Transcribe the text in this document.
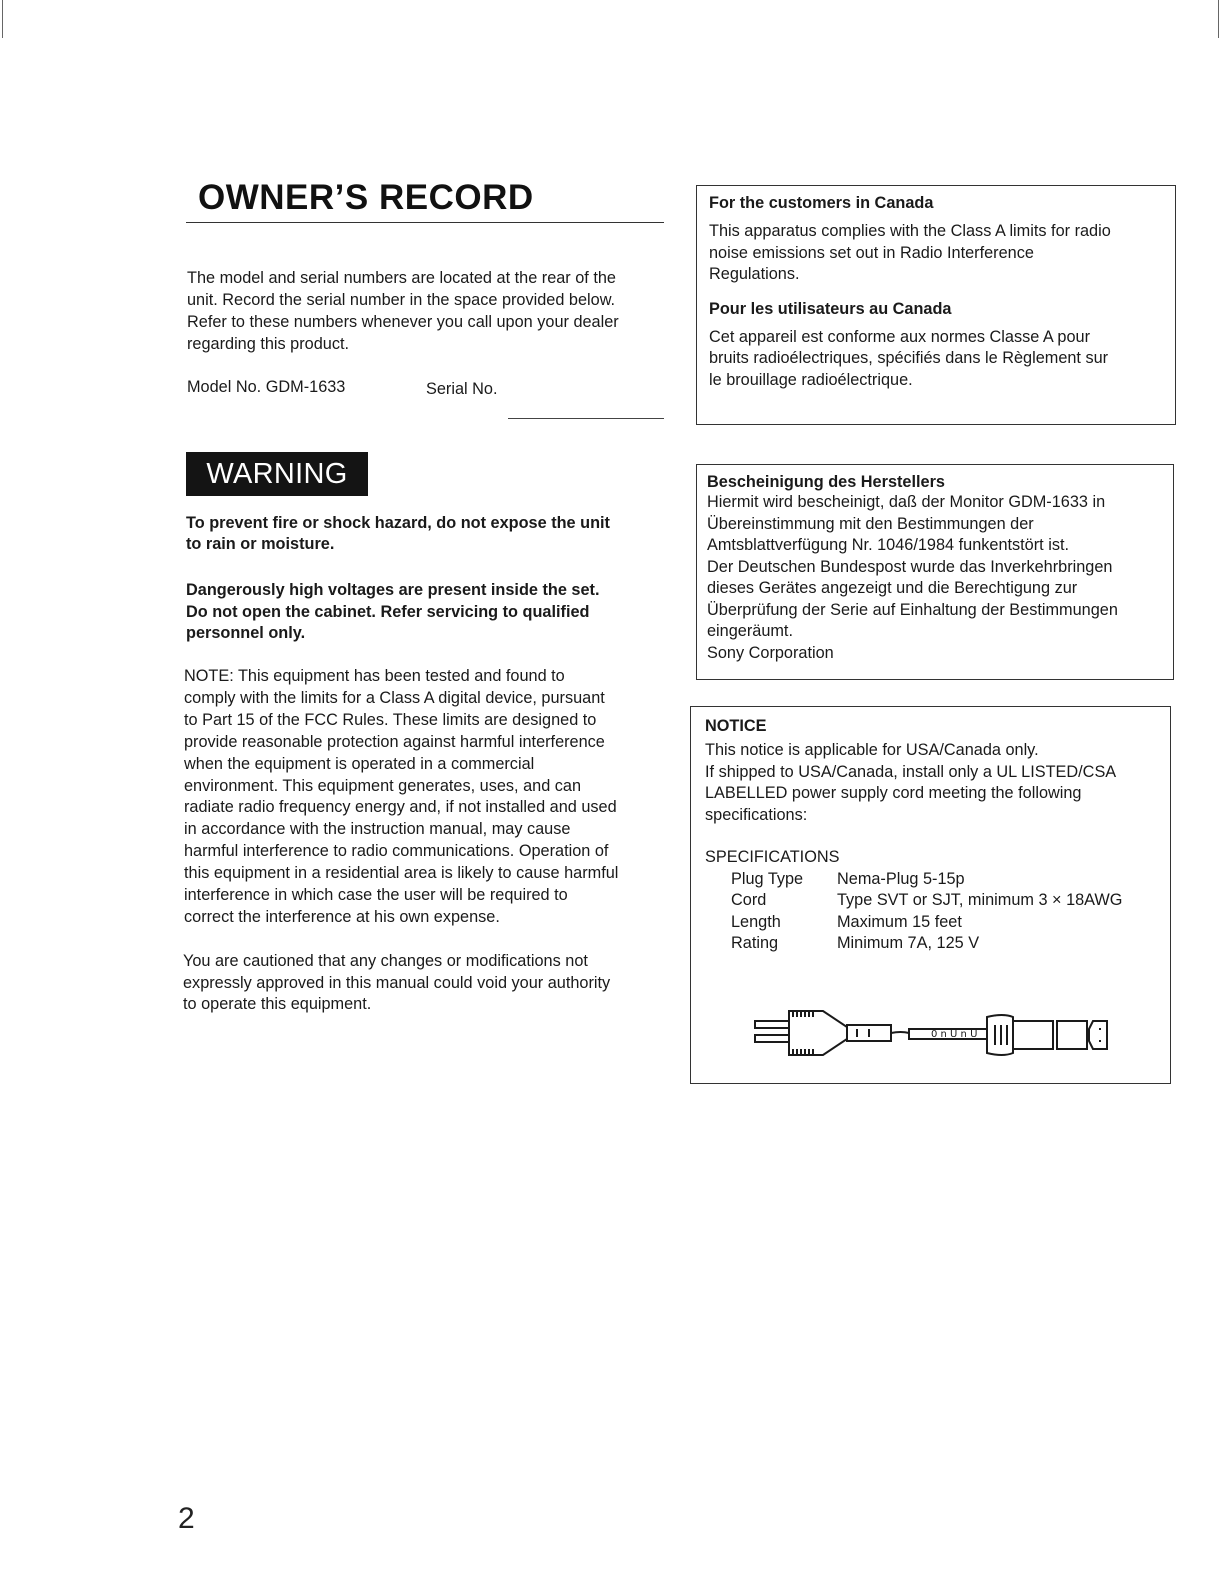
OWNER’S RECORD
The model and serial numbers are located at the rear of the
unit. Record the serial number in the space provided below.
Refer to these numbers whenever you call upon your dealer
regarding this product.
Model No. GDM-1633	Serial No.
WARNING
To prevent fire or shock hazard, do not expose the unit
to rain or moisture.
Dangerously high voltages are present inside the set.
Do not open the cabinet. Refer servicing to qualified
personnel only.
NOTE: This equipment has been tested and found to
comply with the limits for a Class A digital device, pursuant
to Part 15 of the FCC Rules. These limits are designed to
provide reasonable protection against harmful interference
when the equipment is operated in a commercial
environment. This equipment generates, uses, and can
radiate radio frequency energy and, if not installed and used
in accordance with the instruction manual, may cause
harmful interference to radio communications. Operation of
this equipment in a residential area is likely to cause harmful
interference in which case the user will be required to
correct the interference at his own expense.
You are cautioned that any changes or modifications not
expressly approved in this manual could void your authority
to operate this equipment.
For the customers in Canada

This apparatus complies with the Class A limits for radio
noise emissions set out in Radio Interference
Regulations.

Pour les utilisateurs au Canada

Cet appareil est conforme aux normes Classe A pour
bruits radioélectriques, spécifiés dans le Règlement sur
le brouillage radioélectrique.

Bescheinigung des Herstellers

Hiermit wird bescheinigt, daß der Monitor GDM-1633 in
Übereinstimmung mit den Bestimmungen der
Amtsblattverfügung Nr. 1046/1984 funkentstört ist.
Der Deutschen Bundespost wurde das Inverkehrbringen
dieses Gerätes angezeigt und die Berechtigung zur
Überprüfung der Serie auf Einhaltung der Bestimmungen
eingeräumt.
Sony Corporation

NOTICE

This notice is applicable for USA/Canada only.
If shipped to USA/Canada, install only a UL LISTED/CSA
LABELLED power supply cord meeting the following
specifications:

SPECIFICATIONS

Plug Type	Nema-Plug 5-15p
Cord	Type SVT or SJT, minimum 3 × 18AWG
Length	Maximum 15 feet
Rating	Minimum 7A, 125 V
0 n U n U
2
